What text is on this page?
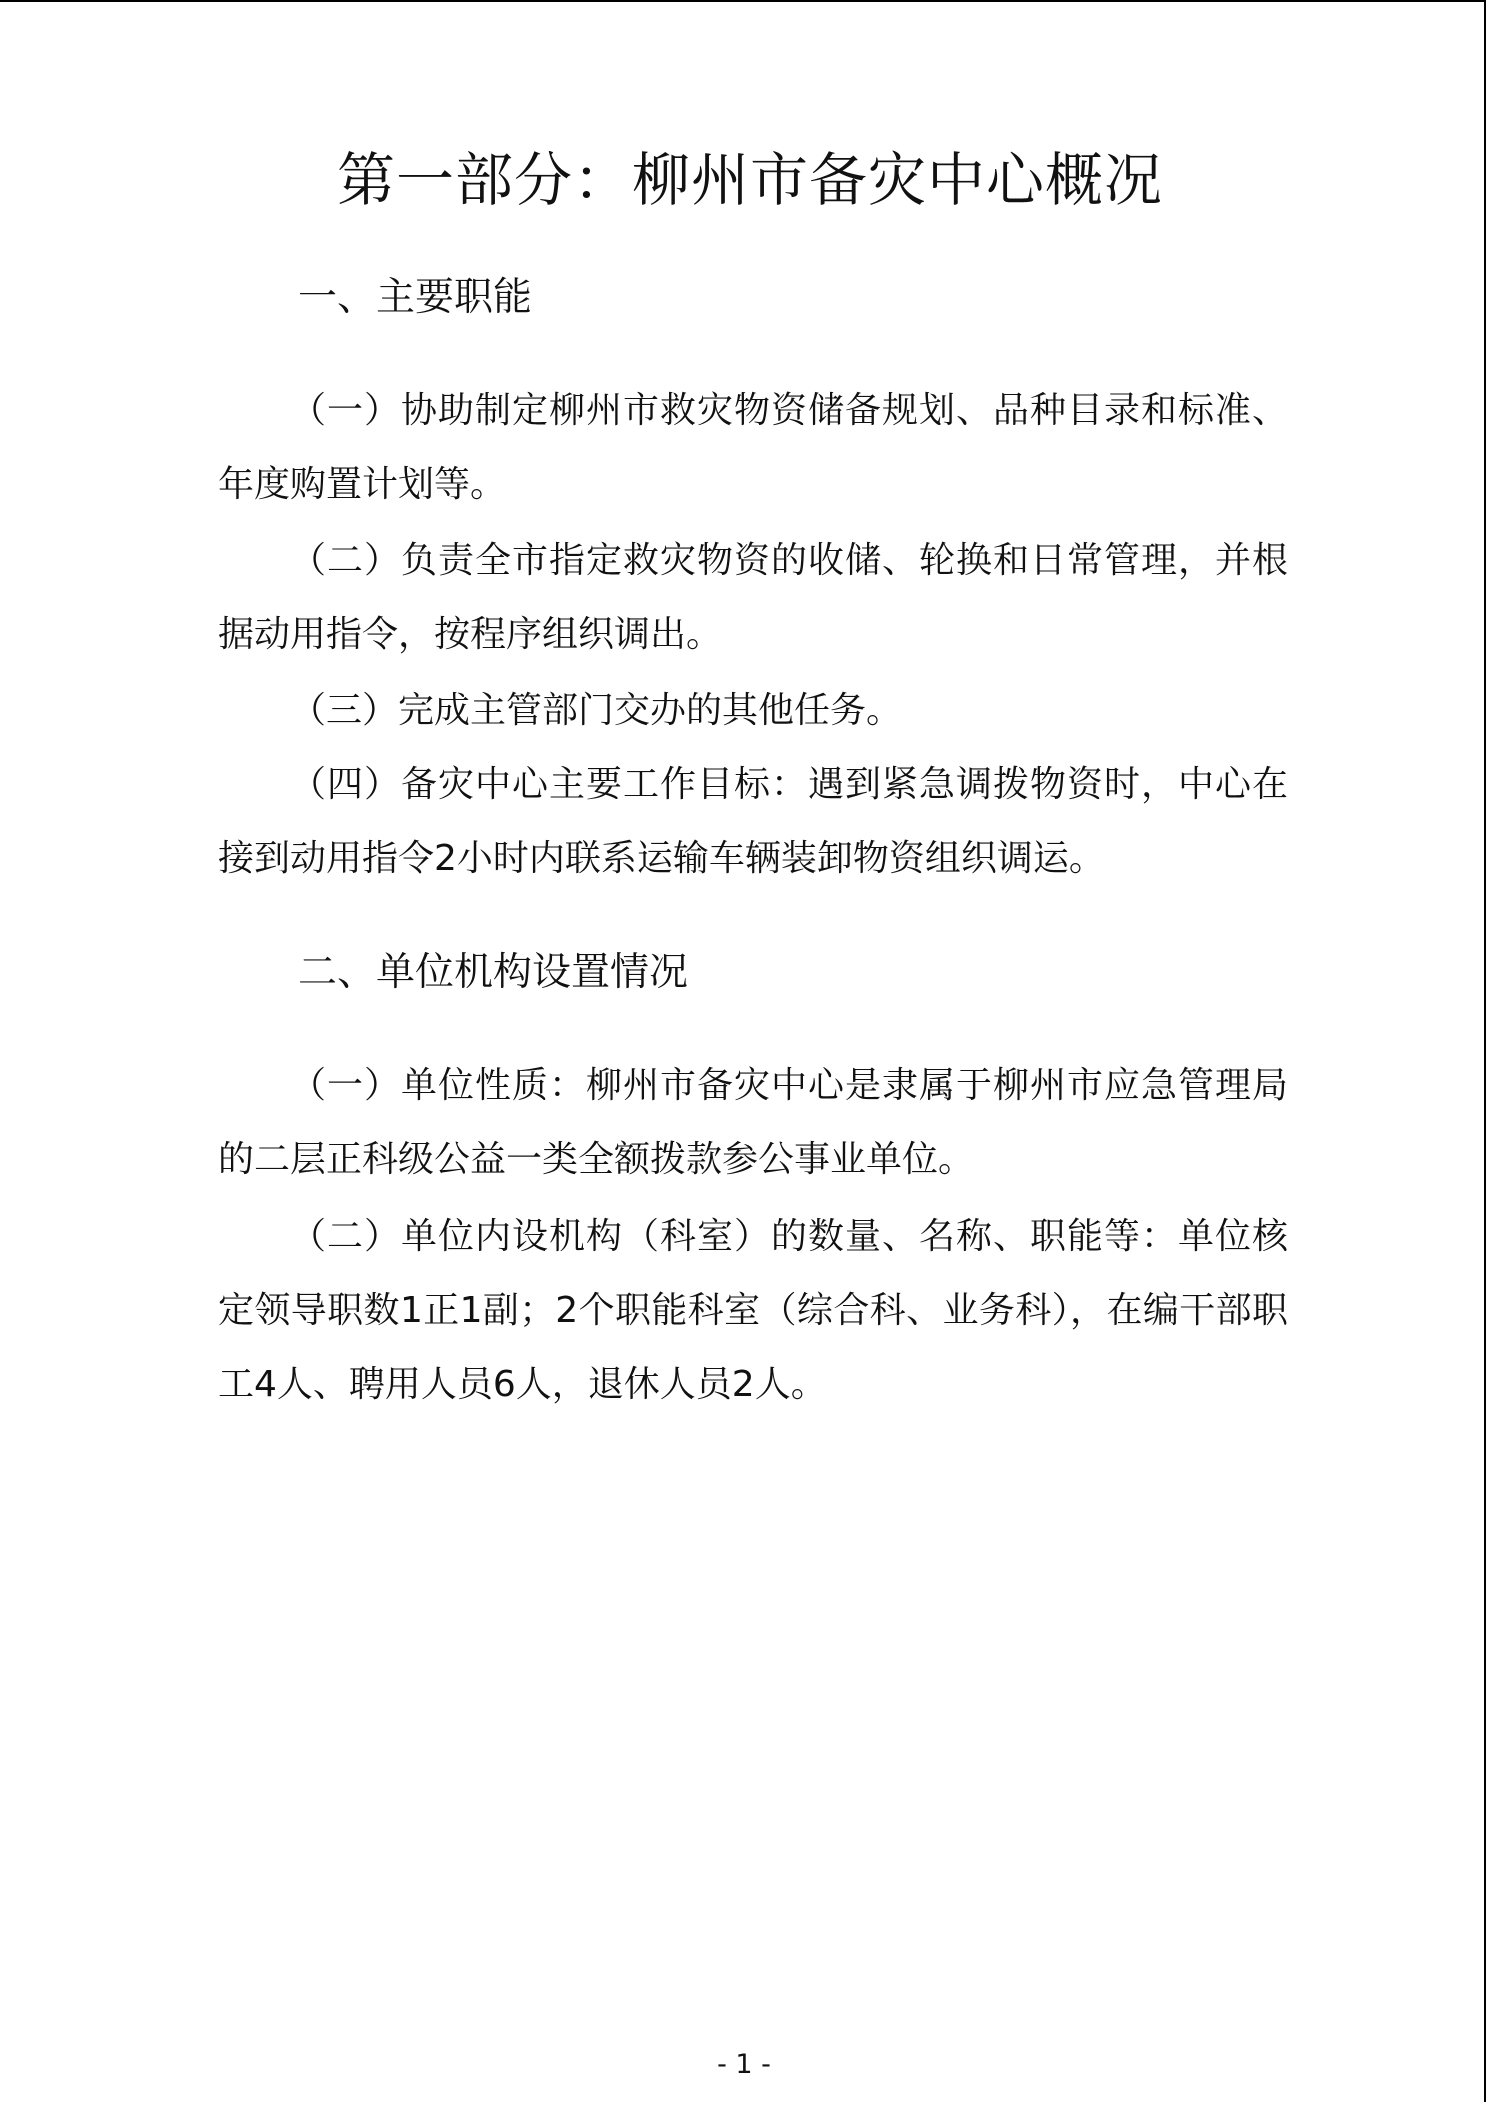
第一部分：柳州市备灾中心概况
一、主要职能

（一）协助制定柳州市救灾物资储备规划、品种目录和标准、年度购置计划等。

（二）负责全市指定救灾物资的收储、轮换和日常管理，并根据动用指令，按程序组织调出。

（三）完成主管部门交办的其他任务。

（四）备灾中心主要工作目标：遇到紧急调拨物资时，中心在接到动用指令2小时内联系运输车辆装卸物资组织调运。

二、单位机构设置情况

（一）单位性质：柳州市备灾中心是隶属于柳州市应急管理局的二层正科级公益一类全额拨款参公事业单位。

（二）单位内设机构（科室）的数量、名称、职能等：单位核定领导职数1正1副；2个职能科室（综合科、业务科），在编干部职工4人、聘用人员6人，退休人员2人。

- 1 -
